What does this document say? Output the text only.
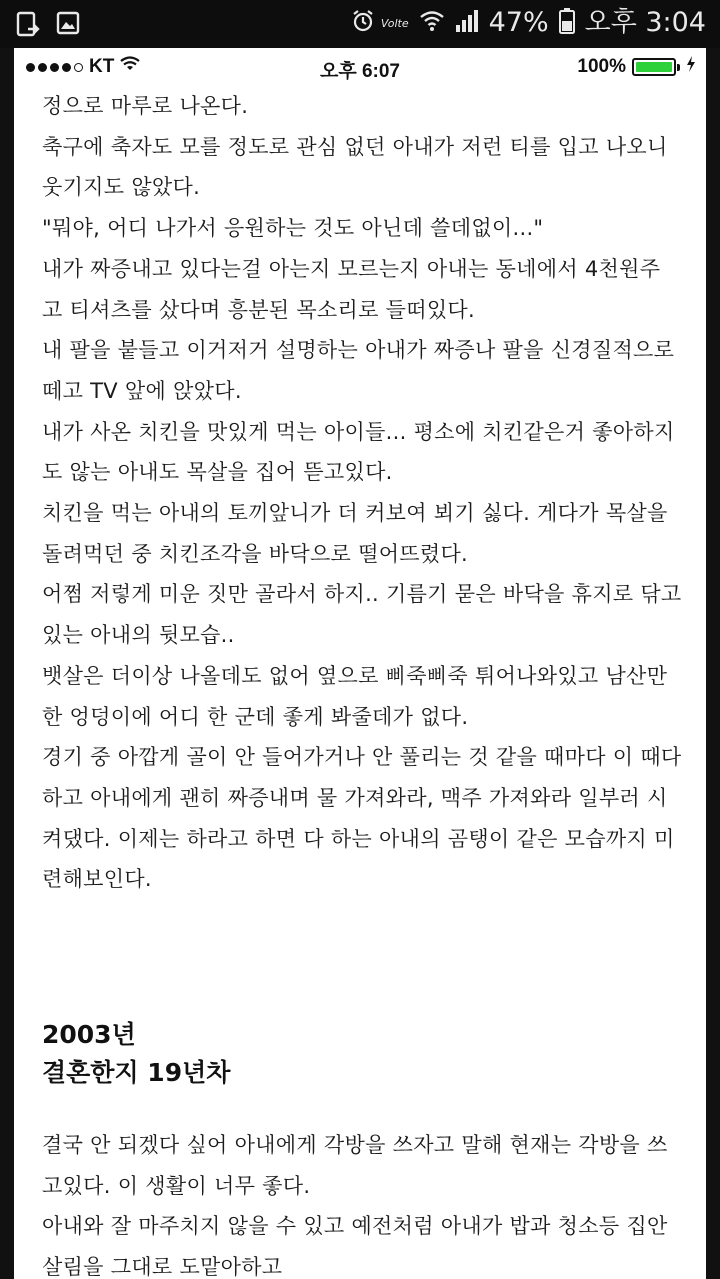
Volte	47% 오후 3:04
KT	오후 6:07	100%

정으로 마루로 나온다.

축구에 축자도 모를 정도로 관심 없던 아내가 저런 티를 입고 나오니

웃기지도 않았다.

"뭐야, 어디 나가서 응원하는 것도 아닌데 쓸데없이..."

내가 짜증내고 있다는걸 아는지 모르는지 아내는 동네에서 4천원주

고 티셔츠를 샀다며 흥분된 목소리로 들떠있다.

내 팔을 붙들고 이거저거 설명하는 아내가 짜증나 팔을 신경질적으로

떼고 TV 앞에 앉았다.

내가 사온 치킨을 맛있게 먹는 아이들... 평소에 치킨같은거 좋아하지

도 않는 아내도 목살을 집어 뜯고있다.

치킨을 먹는 아내의 토끼앞니가 더 커보여 뵈기 싫다. 게다가 목살을

돌려먹던 중 치킨조각을 바닥으로 떨어뜨렸다.

어쩜 저렇게 미운 짓만 골라서 하지.. 기름기 묻은 바닥을 휴지로 닦고

있는 아내의 뒷모습..

뱃살은 더이상 나올데도 없어 옆으로 삐죽삐죽 튀어나와있고 남산만

한 엉덩이에 어디 한 군데 좋게 봐줄데가 없다.

경기 중 아깝게 골이 안 들어가거나 안 풀리는 것 같을 때마다 이 때다

하고 아내에게 괜히 짜증내며 물 가져와라, 맥주 가져와라 일부러 시

켜댔다. 이제는 하라고 하면 다 하는 아내의 곰탱이 같은 모습까지 미

련해보인다.

2003년
결혼한지 19년차

결국 안 되겠다 싶어 아내에게 각방을 쓰자고 말해 현재는 각방을 쓰

고있다. 이 생활이 너무 좋다.

아내와 잘 마주치지 않을 수 있고 예전처럼 아내가 밥과 청소등 집안

살림을 그대로 도맡아하고
